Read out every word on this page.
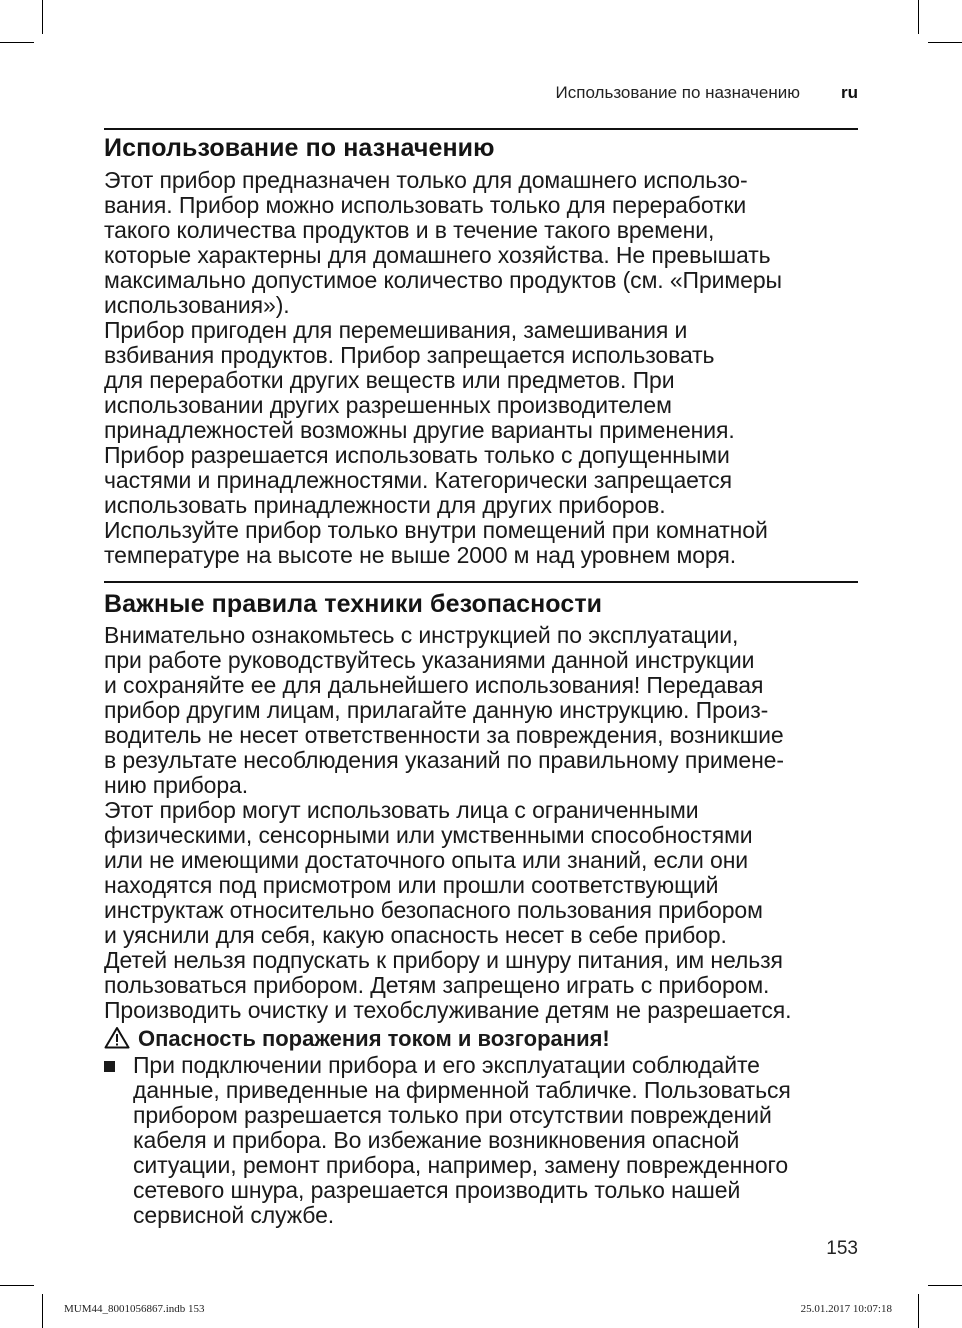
Использование по назначению ru
Использование по назначению
Этот прибор предназначен только для домашнего использо-
вания. Прибор можно использовать только для переработки
такого количества продуктов и в течение такого времени,
которые характерны для домашнего хозяйства. Не превышать
максимально допустимое количество продуктов (см. «Примеры
использования»).
Прибор пригоден для перемешивания, замешивания и
взбивания продуктов. Прибор запрещается использовать
для переработки других веществ или предметов. При
использовании других разрешенных производителем
принадлежностей возможны другие варианты применения.
Прибор разрешается использовать только с допущенными
частями и принадлежностями. Категорически запрещается
использовать принадлежности для других приборов.
Используйте прибор только внутри помещений при комнатной
температуре на высоте не выше 2000 м над уровнем моря.
Важные правила техники безопасности
Внимательно ознакомьтесь с инструкцией по эксплуатации,
при работе руководствуйтесь указаниями данной инструкции
и сохраняйте ее для дальнейшего использования! Передавая
прибор другим лицам, прилагайте данную инструкцию. Произ-
водитель не несет ответственности за повреждения, возникшие
в результате несоблюдения указаний по правильному примене-
нию прибора.
Этот прибор могут использовать лица с ограниченными
физическими, сенсорными или умственными способностями
или не имеющими достаточного опыта или знаний, если они
находятся под присмотром или прошли соответствующий
инструктаж относительно безопасного пользования прибором
и уяснили для себя, какую опасность несет в себе прибор.
Детей нельзя подпускать к прибору и шнуру питания, им нельзя
пользоваться прибором. Детям запрещено играть с прибором.
Производить очистку и техобслуживание детям не разрешается.
Опасность поражения током и возгорания!
При подключении прибора и его эксплуатации соблюдайте
данные, приведенные на фирменной табличке. Пользоваться
прибором разрешается только при отсутствии повреждений
кабеля и прибора. Во избежание возникновения опасной
ситуации, ремонт прибора, например, замену поврежденного
сетевого шнура, разрешается производить только нашей
сервисной службе.
153
MUM44_8001056867.indb 153	25.01.2017 10:07:18
